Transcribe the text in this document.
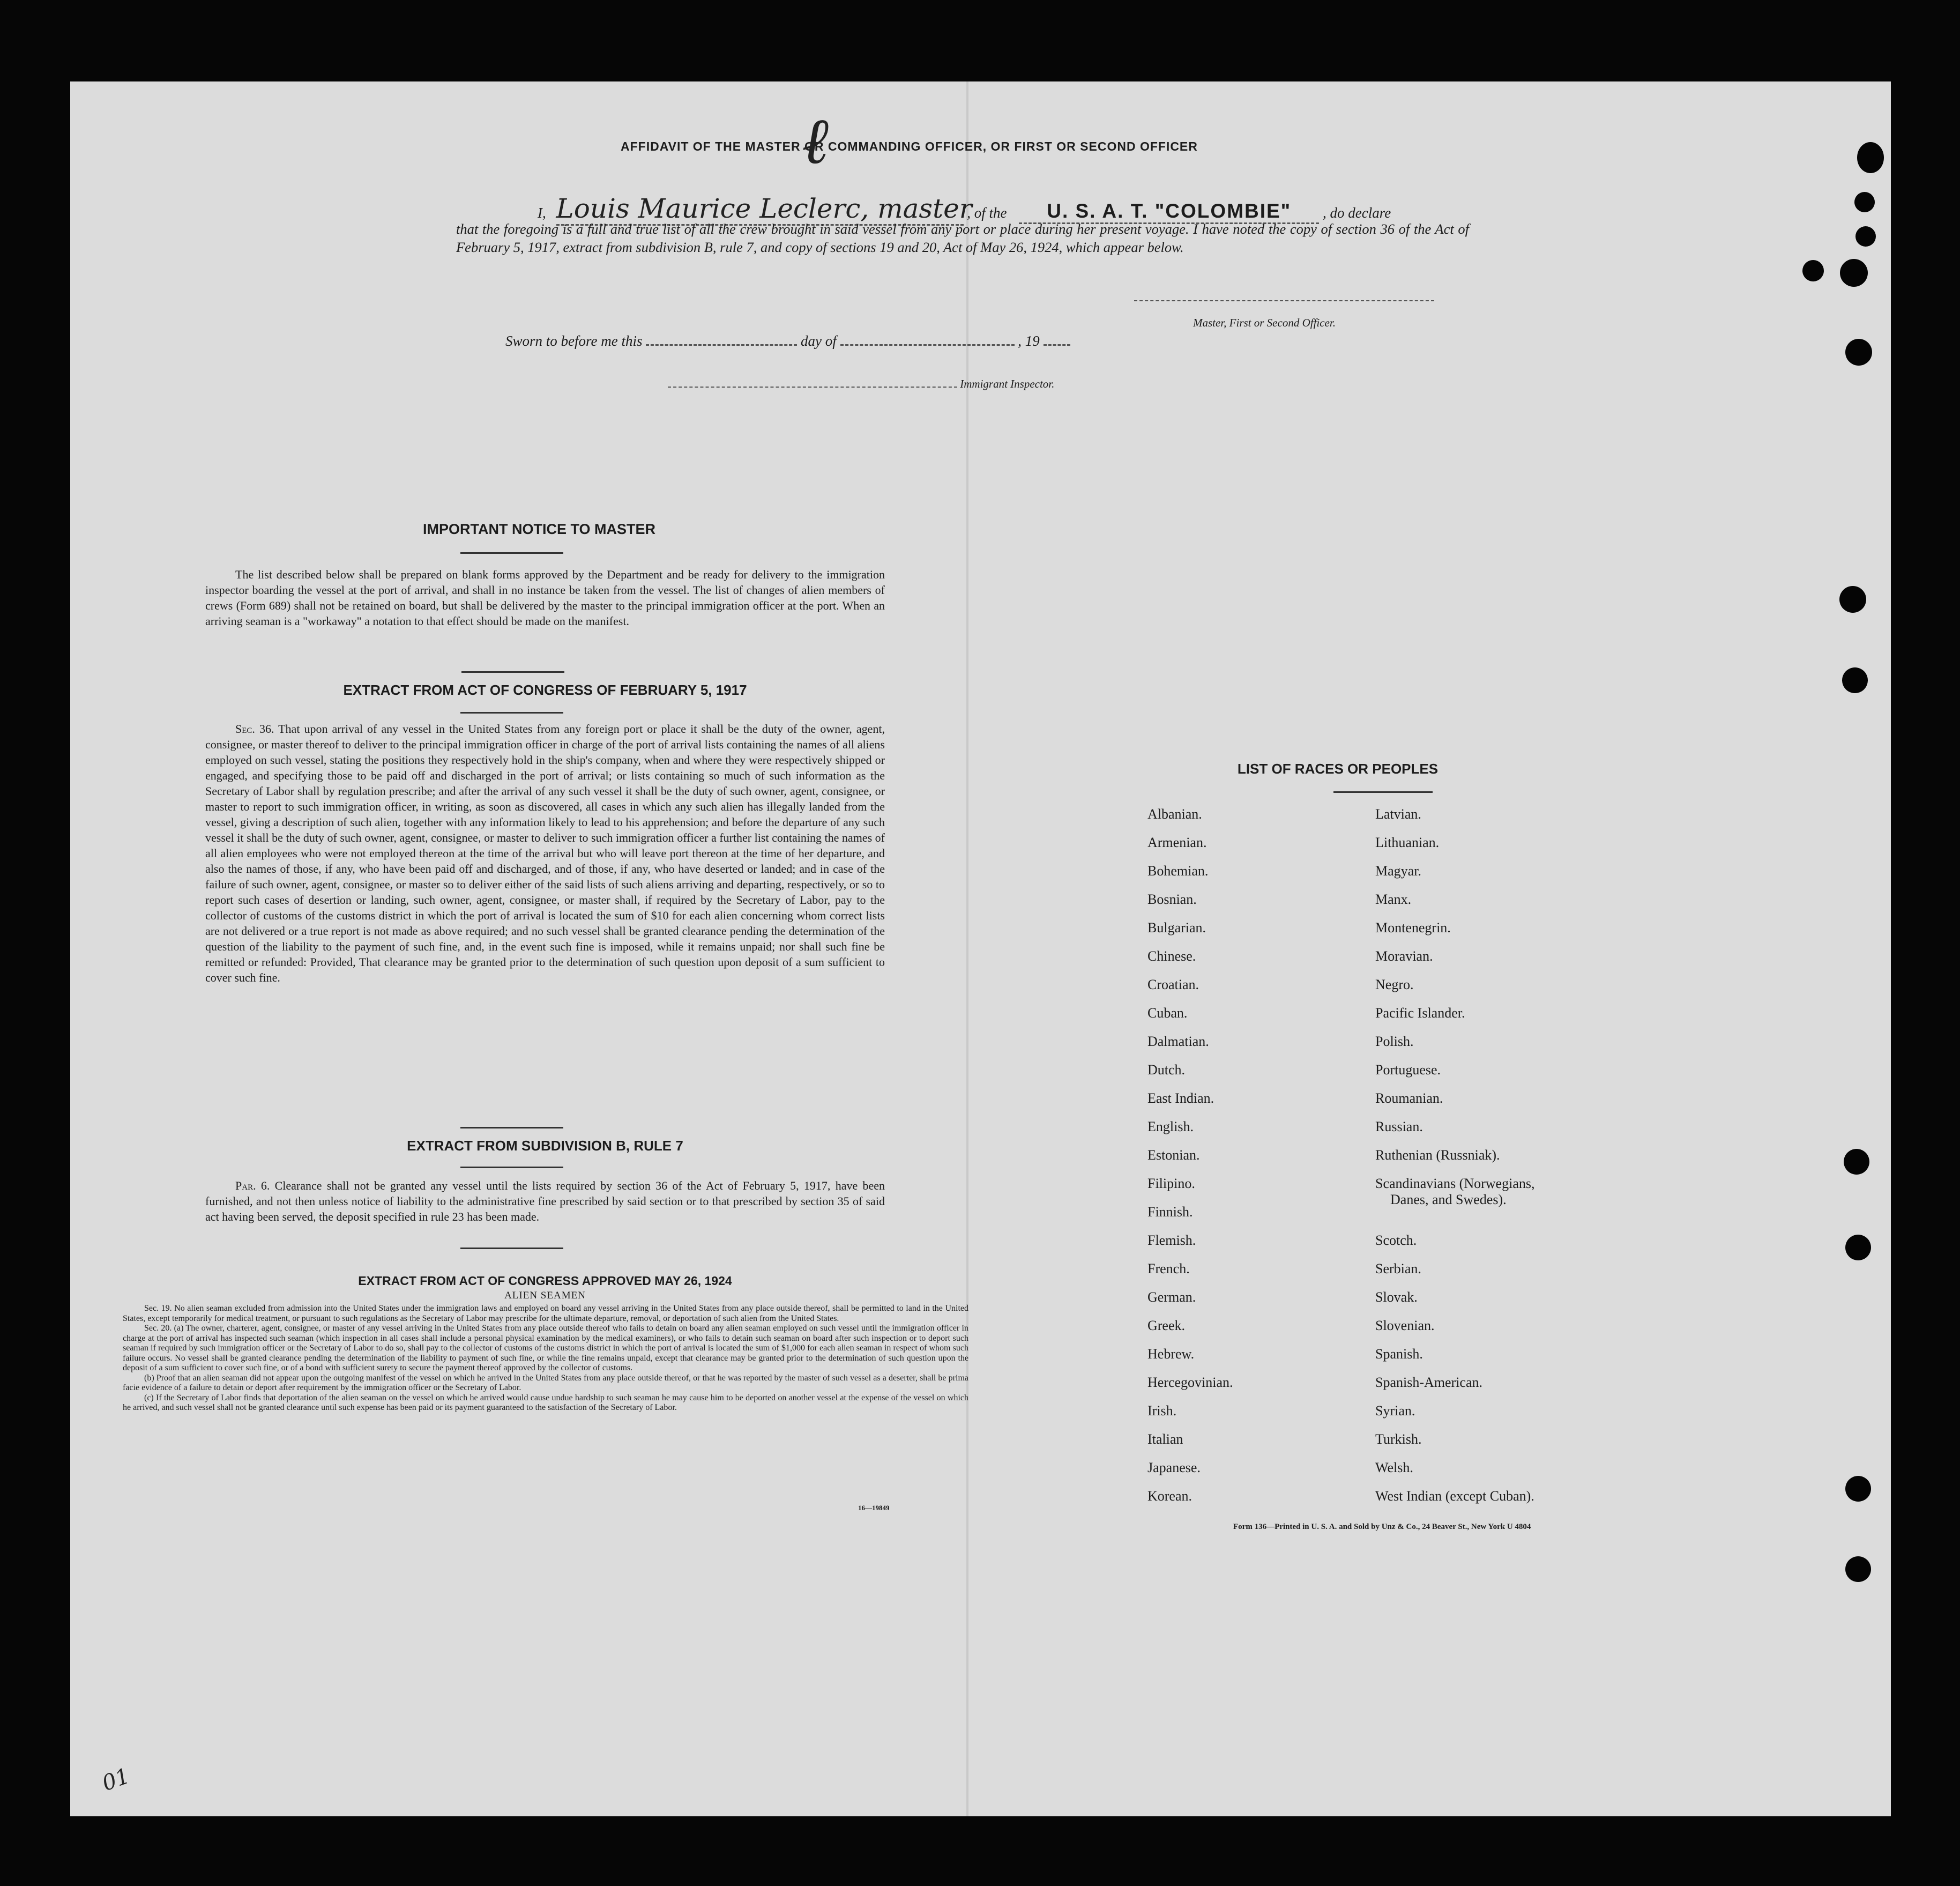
AFFIDAVIT OF THE MASTER OR COMMANDING OFFICER, OR FIRST OR SECOND OFFICER
ℓ
I, Louis Maurice Leclerc, master , of the U. S. A. T. "COLOMBIE" , do declare
that the foregoing is a full and true list of all the crew brought in said vessel from any port or place during her present voyage. I have noted the copy of section 36 of the Act of February 5, 1917, extract from subdivision B, rule 7, and copy of sections 19 and 20, Act of May 26, 1924, which appear below.
Master, First or Second Officer.
Sworn to before me this	day of	, 19
Immigrant Inspector.
IMPORTANT NOTICE TO MASTER
The list described below shall be prepared on blank forms approved by the Department and be ready for delivery to the immigration inspector boarding the vessel at the port of arrival, and shall in no instance be taken from the vessel. The list of changes of alien members of crews (Form 689) shall not be retained on board, but shall be delivered by the master to the principal immigration officer at the port. When an arriving seaman is a "workaway" a notation to that effect should be made on the manifest.
EXTRACT FROM ACT OF CONGRESS OF FEBRUARY 5, 1917
Sec. 36. That upon arrival of any vessel in the United States from any foreign port or place it shall be the duty of the owner, agent, consignee, or master thereof to deliver to the principal immigration officer in charge of the port of arrival lists containing the names of all aliens employed on such vessel, stating the positions they respectively hold in the ship's company, when and where they were respectively shipped or engaged, and specifying those to be paid off and discharged in the port of arrival; or lists containing so much of such information as the Secretary of Labor shall by regulation prescribe; and after the arrival of any such vessel it shall be the duty of such owner, agent, consignee, or master to report to such immigration officer, in writing, as soon as discovered, all cases in which any such alien has illegally landed from the vessel, giving a description of such alien, together with any information likely to lead to his apprehension; and before the departure of any such vessel it shall be the duty of such owner, agent, consignee, or master to deliver to such immigration officer a further list containing the names of all alien employees who were not employed thereon at the time of the arrival but who will leave port thereon at the time of her departure, and also the names of those, if any, who have been paid off and discharged, and of those, if any, who have deserted or landed; and in case of the failure of such owner, agent, consignee, or master so to deliver either of the said lists of such aliens arriving and departing, respectively, or so to report such cases of desertion or landing, such owner, agent, consignee, or master shall, if required by the Secretary of Labor, pay to the collector of customs of the customs district in which the port of arrival is located the sum of $10 for each alien concerning whom correct lists are not delivered or a true report is not made as above required; and no such vessel shall be granted clearance pending the determination of the question of the liability to the payment of such fine, and, in the event such fine is imposed, while it remains unpaid; nor shall such fine be remitted or refunded: Provided, That clearance may be granted prior to the determination of such question upon deposit of a sum sufficient to cover such fine.
EXTRACT FROM SUBDIVISION B, RULE 7
Par. 6. Clearance shall not be granted any vessel until the lists required by section 36 of the Act of February 5, 1917, have been furnished, and not then unless notice of liability to the administrative fine prescribed by said section or to that prescribed by section 35 of said act having been served, the deposit specified in rule 23 has been made.
EXTRACT FROM ACT OF CONGRESS APPROVED MAY 26, 1924
ALIEN SEAMEN
Sec. 19. No alien seaman excluded from admission into the United States under the immigration laws and employed on board any vessel arriving in the United States from any place outside thereof, shall be permitted to land in the United States, except temporarily for medical treatment, or pursuant to such regulations as the Secretary of Labor may prescribe for the ultimate departure, removal, or deportation of such alien from the United States.
Sec. 20. (a) The owner, charterer, agent, consignee, or master of any vessel arriving in the United States from any place outside thereof who fails to detain on board any alien seaman employed on such vessel until the immigration officer in charge at the port of arrival has inspected such seaman (which inspection in all cases shall include a personal physical examination by the medical examiners), or who fails to detain such seaman on board after such inspection or to deport such seaman if required by such immigration officer or the Secretary of Labor to do so, shall pay to the collector of customs of the customs district in which the port of arrival is located the sum of $1,000 for each alien seaman in respect of whom such failure occurs. No vessel shall be granted clearance pending the determination of the liability to payment of such fine, or while the fine remains unpaid, except that clearance may be granted prior to the determination of such question upon the deposit of a sum sufficient to cover such fine, or of a bond with sufficient surety to secure the payment thereof approved by the collector of customs.
(b) Proof that an alien seaman did not appear upon the outgoing manifest of the vessel on which he arrived in the United States from any place outside thereof, or that he was reported by the master of such vessel as a deserter, shall be prima facie evidence of a failure to detain or deport after requirement by the immigration officer or the Secretary of Labor.
(c) If the Secretary of Labor finds that deportation of the alien seaman on the vessel on which he arrived would cause undue hardship to such seaman he may cause him to be deported on another vessel at the expense of the vessel on which he arrived, and such vessel shall not be granted clearance until such expense has been paid or its payment guaranteed to the satisfaction of the Secretary of Labor.
16—19849
LIST OF RACES OR PEOPLES
Albanian.
Armenian.
Bohemian.
Bosnian.
Bulgarian.
Chinese.
Croatian.
Cuban.
Dalmatian.
Dutch.
East Indian.
English.
Estonian.
Filipino.
Finnish.
Flemish.
French.
German.
Greek.
Hebrew.
Hercegovinian.
Irish.
Italian
Japanese.
Korean.
Latvian.
Lithuanian.
Magyar.
Manx.
Montenegrin.
Moravian.
Negro.
Pacific Islander.
Polish.
Portuguese.
Roumanian.
Russian.
Ruthenian (Russniak).
Scandinavians (Norwegians,
Danes, and Swedes).
Scotch.
Serbian.
Slovak.
Slovenian.
Spanish.
Spanish-American.
Syrian.
Turkish.
Welsh.
West Indian (except Cuban).
Form 136—Printed in U. S. A. and Sold by Unz & Co., 24 Beaver St., New York U 4804
01
